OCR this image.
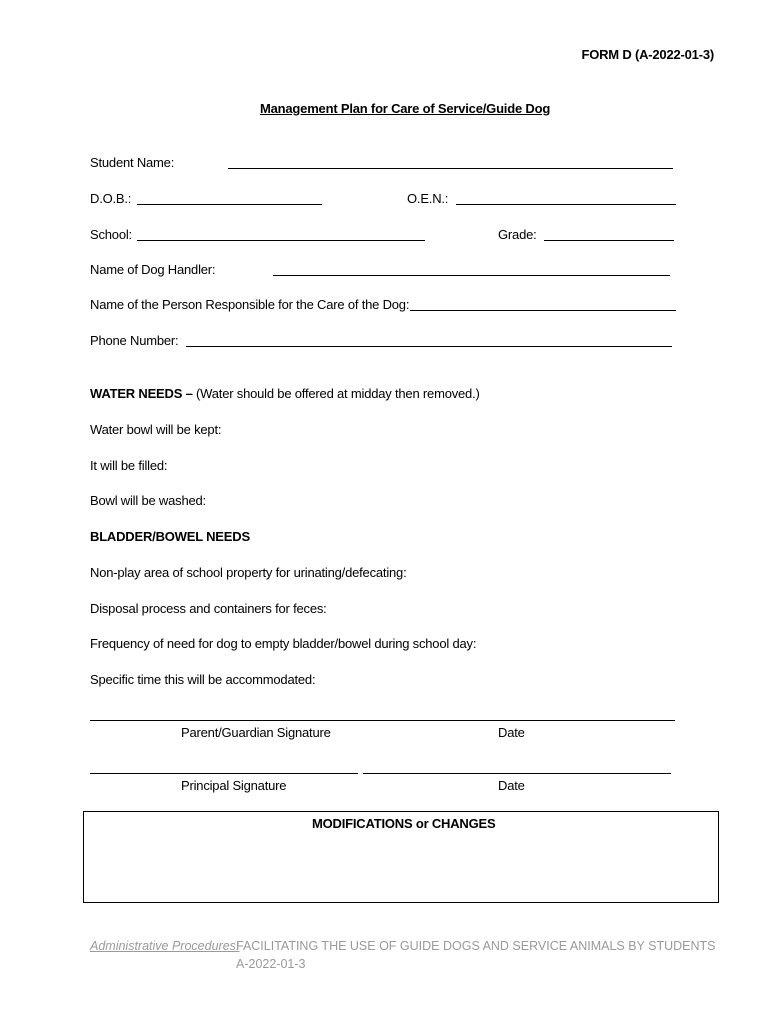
FORM D (A-2022-01-3)
Management Plan for Care of Service/Guide Dog
Student Name:
D.O.B.:	O.E.N.:
School:	Grade:
Name of Dog Handler:
Name of the Person Responsible for the Care of the Dog:
Phone Number:
WATER NEEDS – (Water should be offered at midday then removed.)
Water bowl will be kept:
It will be filled:
Bowl will be washed:
BLADDER/BOWEL NEEDS
Non-play area of school property for urinating/defecating:
Disposal process and containers for feces:
Frequency of need for dog to empty bladder/bowel during school day:
Specific time this will be accommodated:
Parent/Guardian Signature	Date
Principal Signature	Date
MODIFICATIONS or CHANGES
Administrative Procedures:
FACILITATING THE USE OF GUIDE DOGS AND SERVICE ANIMALS BY STUDENTS
A-2022-01-3
